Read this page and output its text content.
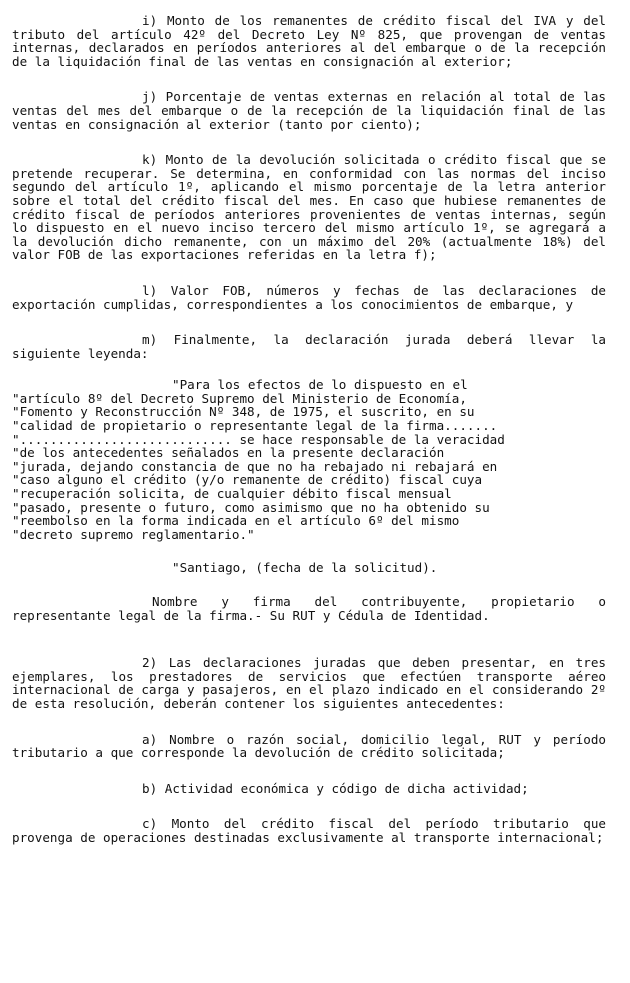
i) Monto de los remanentes de crédito fiscal del IVA y del tributo del artículo 42º del Decreto Ley Nº 825, que provengan de ventas internas, declarados en períodos anteriores al del embarque o de la recepción de la liquidación final de las ventas en consignación al exterior;

j) Porcentaje de ventas externas en relación al total de las ventas del mes del embarque o de la recepción de la liquidación final de las ventas en consignación al exterior (tanto por ciento);

k) Monto de la devolución solicitada o crédito fiscal que se pretende recuperar. Se determina, en conformidad con las normas del inciso segundo del artículo 1º, aplicando el mismo porcentaje de la letra anterior sobre el total del crédito fiscal del mes. En caso que hubiese remanentes de crédito fiscal de períodos anteriores provenientes de ventas internas, según lo dispuesto en el nuevo inciso tercero del mismo artículo 1º, se agregará a la devolución dicho remanente, con un máximo del 20% (actualmente 18%) del valor FOB de las exportaciones referidas en la letra f);

l) Valor FOB, números y fechas de las declaraciones de exportación cumplidas, correspondientes a los conocimientos de embarque, y

m) Finalmente, la declaración jurada deberá llevar la siguiente leyenda:

"Para los efectos de lo dispuesto en el
"artículo 8º del Decreto Supremo del Ministerio de Economía,
"Fomento y Reconstrucción Nº 348, de 1975, el suscrito, en su
"calidad de propietario o representante legal de la firma.......
"............................ se hace responsable de la veracidad
"de los antecedentes señalados en la presente declaración
"jurada, dejando constancia de que no ha rebajado ni rebajará en
"caso alguno el crédito (y/o remanente de crédito) fiscal cuya
"recuperación solicita, de cualquier débito fiscal mensual
"pasado, presente o futuro, como asimismo que no ha obtenido su
"reembolso en la forma indicada en el artículo 6º del mismo
"decreto supremo reglamentario."

"Santiago, (fecha de la solicitud).

Nombre y firma del contribuyente, propietario o representante legal de la firma.- Su RUT y Cédula de Identidad.

2) Las declaraciones juradas que deben presentar, en tres ejemplares, los prestadores de servicios que efectúen transporte aéreo internacional de carga y pasajeros, en el plazo indicado en el considerando 2º de esta resolución, deberán contener los siguientes antecedentes:

a) Nombre o razón social, domicilio legal, RUT y período tributario a que corresponde la devolución de crédito solicitada;

b) Actividad económica y código de dicha actividad;

c) Monto del crédito fiscal del período tributario que provenga de operaciones destinadas exclusivamente al transporte internacional;
